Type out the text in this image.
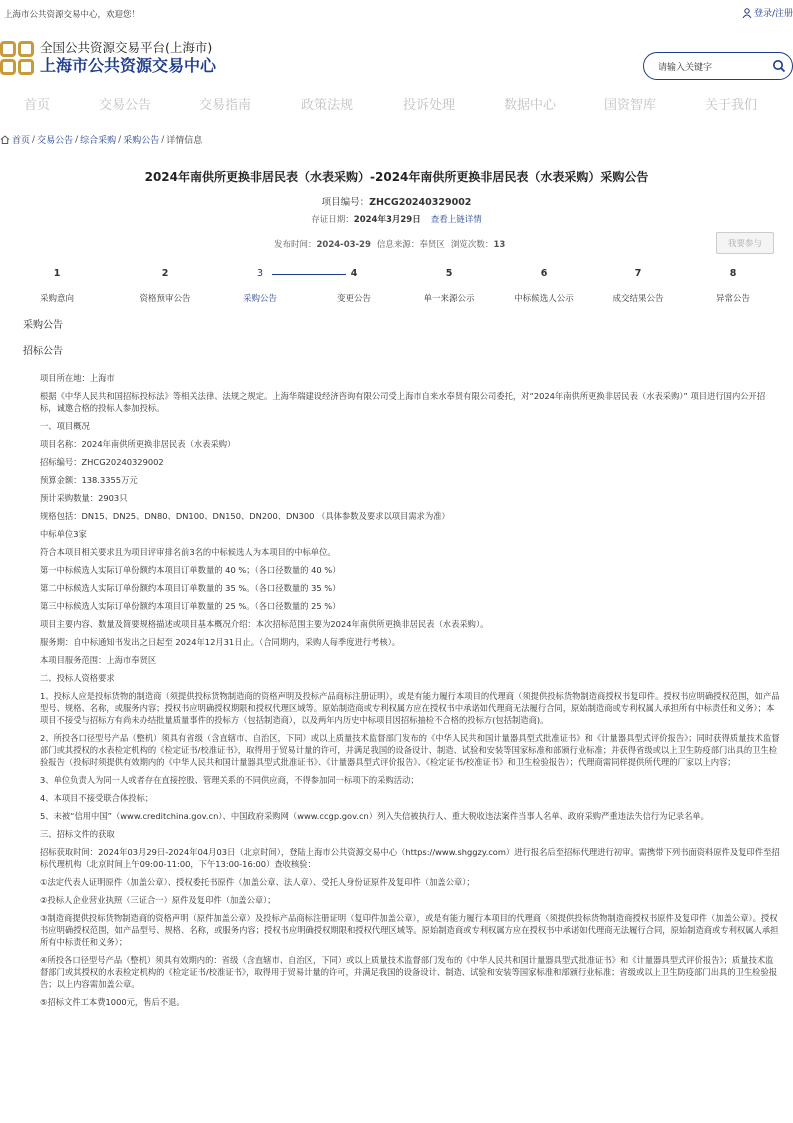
上海市公共资源交易中心，欢迎您！	登录/注册
全国公共资源交易平台(上海市)
上海市公共资源交易中心	请输入关键字
首页	交易公告	交易指南	政策法规	投诉处理	数据中心	国资智库	关于我们
首页 / 交易公告 / 综合采购 / 采购公告 / 详情信息
2024年南供所更换非居民表（水表采购）-2024年南供所更换非居民表（水表采购）采购公告
项目编号：ZHCG20240329002
存证日期：2024年3月29日 查看上链详情
发布时间：2024-03-29 信息来源：奉贤区 浏览次数：13	我要参与
1
采购意向
2
资格预审公告
3
采购公告
4
变更公告
5
单一来源公示
6
中标候选人公示
7
成交结果公告
8
异常公告
采购公告
招标公告

项目所在地：上海市

根据《中华人民共和国招标投标法》等相关法律、法规之规定。上海华瑞建设经济咨询有限公司受上海市自来水奉贤有限公司委托，对“2024年南供所更换非居民表（水表采购）” 项目进行国内公开招标，诚邀合格的投标人参加投标。

一、项目概况

项目名称：2024年南供所更换非居民表（水表采购）

招标编号：ZHCG20240329002

预算金额：138.3355万元

预计采购数量：2903只

规格包括：DN15、DN25、DN80、DN100、DN150、DN200、DN300 （具体参数及要求以项目需求为准）

中标单位3家

符合本项目相关要求且为项目评审排名前3名的中标候选人为本项目的中标单位。

第一中标候选人实际订单份额约本项目订单数量的 40 %；（各口径数量的 40 %）

第二中标候选人实际订单份额约本项目订单数量的 35 %。（各口径数量的 35 %）

第三中标候选人实际订单份额约本项目订单数量的 25 %。（各口径数量的 25 %）

项目主要内容、数量及简要规格描述或项目基本概况介绍：本次招标范围主要为2024年南供所更换非居民表（水表采购）。

服务期：自中标通知书发出之日起至 2024年12月31日止。（合同期内，采购人每季度进行考核）。

本项目服务范围：上海市奉贤区

二、投标人资格要求

1、投标人应是投标货物的制造商（须提供投标货物制造商的资格声明及投标产品商标注册证明），或是有能力履行本项目的代理商（须提供投标货物制造商授权书复印件。授权书应明确授权范围，如产品型号、规格、名称，或服务内容；授权书应明确授权期限和授权代理区域等。原始制造商或专利权属方应在授权书中承诺如代理商无法履行合同，原始制造商或专利权属人承担所有中标责任和义务）；本项目不接受与招标方有尚未办结批量质量事件的投标方（包括制造商），以及两年内历史中标项目因招标抽检不合格的投标方(包括制造商)。

2、所投各口径型号产品（整机）须具有省级（含直辖市、自治区，下同）或以上质量技术监督部门发布的《中华人民共和国计量器具型式批准证书》和《计量器具型式评价报告》；同时获得质量技术监督部门或其授权的水表检定机构的《检定证书/校准证书》，取得用于贸易计量的许可，并满足我国的设备设计、制造、试验和安装等国家标准和部颁行业标准；并获得省级或以上卫生防疫部门出具的卫生检验报告（投标时须提供有效期内的《中华人民共和国计量器具型式批准证书》、《计量器具型式评价报告》、《检定证书/校准证书》和卫生检验报告）；代理商需同样提供所代理的厂家以上内容；

3、单位负责人为同一人或者存在直接控股、管理关系的不同供应商，不得参加同一标项下的采购活动；

4、本项目不接受联合体投标；

5、未被“信用中国”（www.creditchina.gov.cn）、中国政府采购网（www.ccgp.gov.cn）列入失信被执行人、重大税收违法案件当事人名单、政府采购严重违法失信行为记录名单。

三、招标文件的获取

招标获取时间：2024年03月29日-2024年04月03日（北京时间），登陆上海市公共资源交易中心（https://www.shggzy.com）进行报名后至招标代理进行初审。需携带下列书面资料原件及复印件至招标代理机构（北京时间上午09:00-11:00，下午13:00-16:00）查收核验：

①法定代表人证明原件（加盖公章）、授权委托书原件（加盖公章、法人章）、受托人身份证原件及复印件（加盖公章）；

②投标人企业营业执照（三证合一）原件及复印件（加盖公章）；

③制造商提供投标货物制造商的资格声明（原件加盖公章）及投标产品商标注册证明（复印件加盖公章），或是有能力履行本项目的代理商（须提供投标货物制造商授权书原件及复印件（加盖公章）。授权书应明确授权范围，如产品型号、规格、名称，或服务内容；授权书应明确授权期限和授权代理区域等。原始制造商或专利权属方应在授权书中承诺如代理商无法履行合同，原始制造商或专利权属人承担所有中标责任和义务）；

④所投各口径型号产品（整机）须具有效期内的：省级（含直辖市、自治区，下同）或以上质量技术监督部门发布的《中华人民共和国计量器具型式批准证书》和《计量器具型式评价报告》；质量技术监督部门或其授权的水表检定机构的《检定证书/校准证书》，取得用于贸易计量的许可，并满足我国的设备设计、制造、试验和安装等国家标准和部颁行业标准；省级或以上卫生防疫部门出具的卫生检验报告；以上内容需加盖公章。

⑤招标文件工本费1000元，售后不退。
